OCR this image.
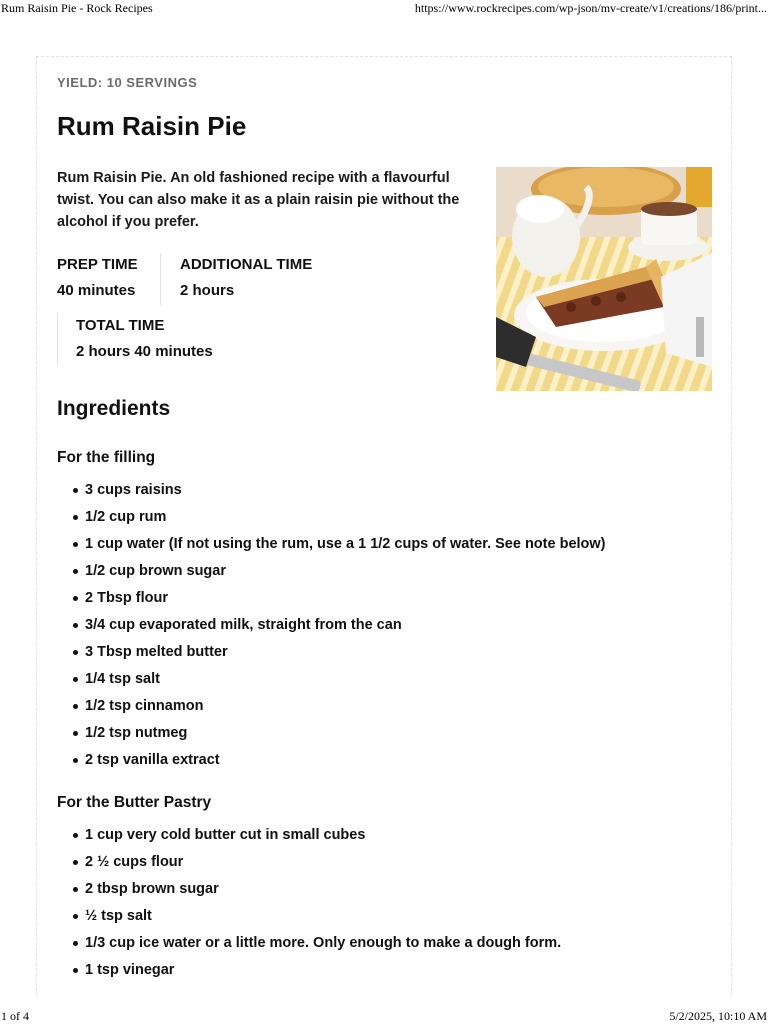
Rum Raisin Pie - Rock Recipes	https://www.rockrecipes.com/wp-json/mv-create/v1/creations/186/print...
YIELD: 10 SERVINGS
Rum Raisin Pie

Rum Raisin Pie. An old fashioned recipe with a flavourful twist. You can also make it as a plain raisin pie without the alcohol if you prefer.

PREP TIME
40 minutes
ADDITIONAL TIME
2 hours
TOTAL TIME
2 hours 40 minutes
Ingredients
For the filling
3 cups raisins
1/2 cup rum
1 cup water (If not using the rum, use a 1 1/2 cups of water. See note below)
1/2 cup brown sugar
2 Tbsp flour
3/4 cup evaporated milk, straight from the can
3 Tbsp melted butter
1/4 tsp salt
1/2 tsp cinnamon
1/2 tsp nutmeg
2 tsp vanilla extract
For the Butter Pastry
1 cup very cold butter cut in small cubes
2 ½ cups flour
2 tbsp brown sugar
½ tsp salt
1/3 cup ice water or a little more. Only enough to make a dough form.
1 tsp vinegar
1 of 4	5/2/2025, 10:10 AM
